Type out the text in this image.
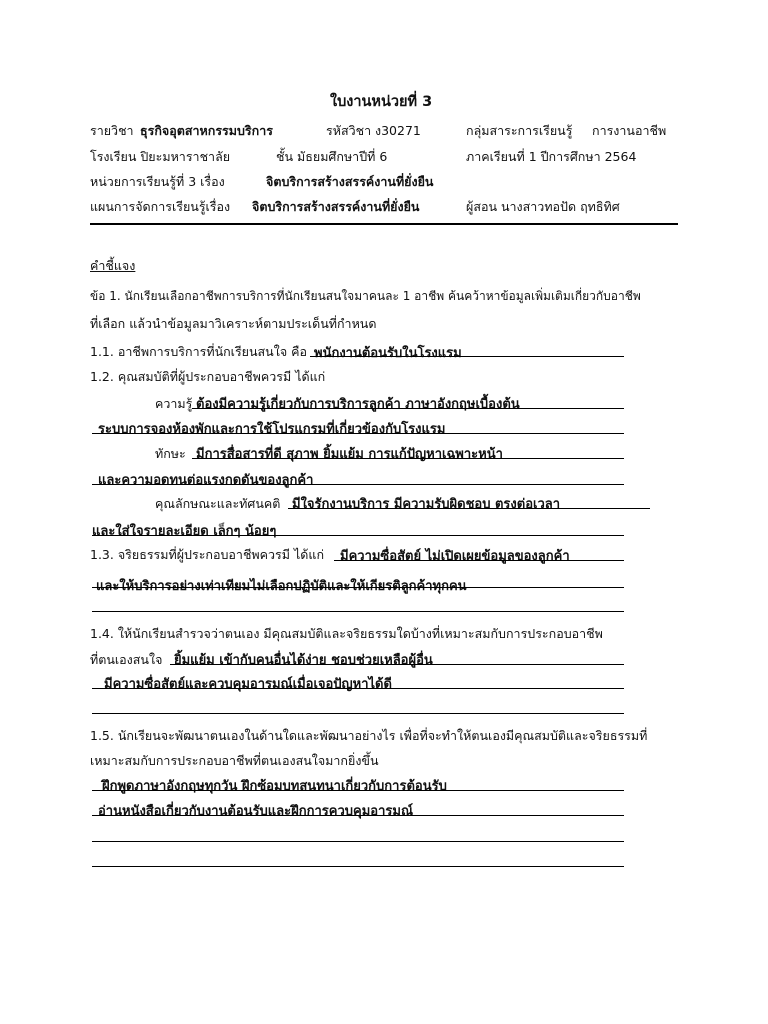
ใบงานหน่วยที่ 3
รายวิชา ธุรกิจอุตสาหกรรมบริการ	รหัสวิชา ง30271	กลุ่มสาระการเรียนรู้ การงานอาชีพ
โรงเรียน ปิยะมหาราชาลัย	ชั้น มัธยมศึกษาปีที่ 6	ภาคเรียนที่ 1 ปีการศึกษา 2564
หน่วยการเรียนรู้ที่ 3 เรื่อง	จิตบริการสร้างสรรค์งานที่ยั่งยืน
แผนการจัดการเรียนรู้เรื่อง จิตบริการสร้างสรรค์งานที่ยั่งยืน	ผู้สอน นางสาวทอปัด ฤทธิทิศ
คำชี้แจง
ข้อ 1. นักเรียนเลือกอาชีพการบริการที่นักเรียนสนใจมาคนละ 1 อาชีพ ค้นคว้าหาข้อมูลเพิ่มเติมเกี่ยวกับอาชีพ
ที่เลือก แล้วนำข้อมูลมาวิเคราะห์ตามประเด็นที่กำหนด
1.1. อาชีพการบริการที่นักเรียนสนใจ คือ พนักงานต้อนรับในโรงแรม
1.2. คุณสมบัติที่ผู้ประกอบอาชีพควรมี ได้แก่
ความรู้ ต้องมีความรู้เกี่ยวกับการบริการลูกค้า ภาษาอังกฤษเบื้องต้น
ระบบการจองห้องพักและการใช้โปรแกรมที่เกี่ยวข้องกับโรงแรม
ทักษะ มีการสื่อสารที่ดี สุภาพ ยิ้มแย้ม การแก้ปัญหาเฉพาะหน้า
และความอดทนต่อแรงกดดันของลูกค้า
คุณลักษณะและทัศนคติ มีใจรักงานบริการ มีความรับผิดชอบ ตรงต่อเวลา
และใส่ใจรายละเอียด เล็กๆ น้อยๆ
1.3. จริยธรรมที่ผู้ประกอบอาชีพควรมี ได้แก่ มีความซื่อสัตย์ ไม่เปิดเผยข้อมูลของลูกค้า
และให้บริการอย่างเท่าเทียมไม่เลือกปฏิบัติและให้เกียรติลูกค้าทุกคน
1.4. ให้นักเรียนสำรวจว่าตนเอง มีคุณสมบัติและจริยธรรมใดบ้างที่เหมาะสมกับการประกอบอาชีพ
ที่ตนเองสนใจ ยิ้มแย้ม เข้ากับคนอื่นได้ง่าย ชอบช่วยเหลือผู้อื่น
มีความซื่อสัตย์และควบคุมอารมณ์เมื่อเจอปัญหาได้ดี
1.5. นักเรียนจะพัฒนาตนเองในด้านใดและพัฒนาอย่างไร เพื่อที่จะทำให้ตนเองมีคุณสมบัติและจริยธรรมที่
เหมาะสมกับการประกอบอาชีพที่ตนเองสนใจมากยิ่งขึ้น
ฝึกพูดภาษาอังกฤษทุกวัน ฝึกซ้อมบทสนทนาเกี่ยวกับการต้อนรับ
อ่านหนังสือเกี่ยวกับงานต้อนรับและฝึกการควบคุมอารมณ์
